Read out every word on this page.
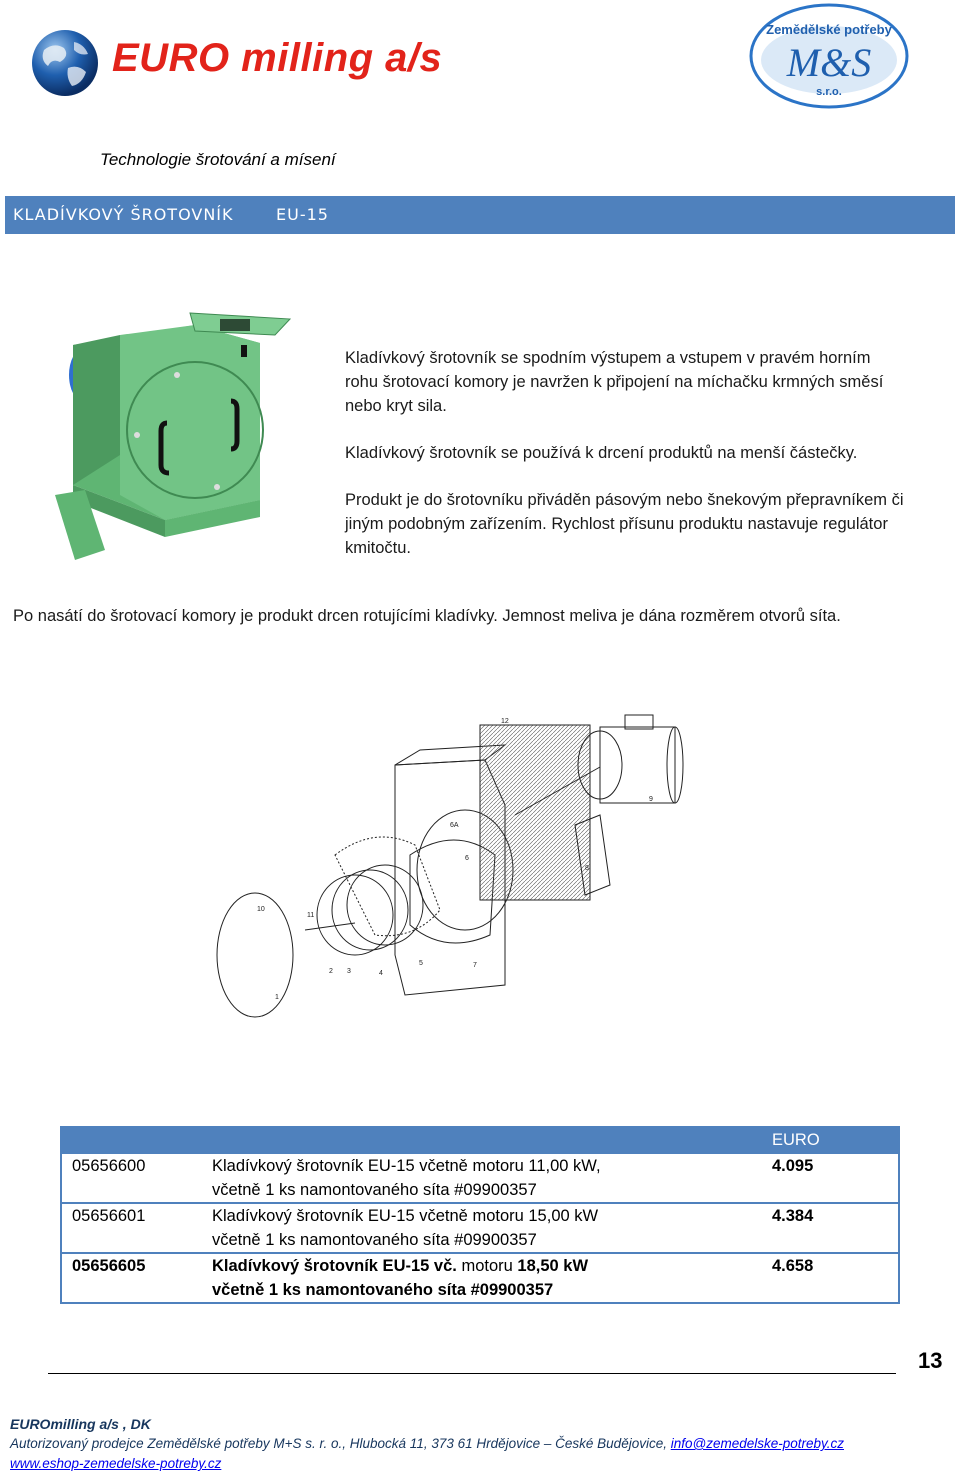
EURO milling a/s
Zemědělské potřeby
M&S
s.r.o.
Technologie šrotování a mísení
KLADÍVKOVÝ ŠROTOVNÍK	EU-15
Kladívkový šrotovník se spodním výstupem a vstupem v pravém horním
rohu šrotovací komory je navržen k připojení na míchačku krmných směsí
nebo kryt sila.
Kladívkový šrotovník se používá k drcení produktů na menší částečky.
Produkt je do šrotovníku přiváděn pásovým nebo šnekovým přepravníkem či
jiným podobným zařízením. Rychlost přísunu produktu nastavuje regulátor
kmitočtu.
Po nasátí do šrotovací komory je produkt drcen rotujícími kladívky. Jemnost meliva je dána rozměrem otvorů síta.
12
9
8
6
6A
7
5
4
3
2
11
10
1
		EURO
05656600	Kladívkový šrotovník EU-15 včetně motoru 11,00 kW,
včetně 1 ks namontovaného síta #09900357	4.095
05656601	Kladívkový šrotovník EU-15 včetně motoru 15,00 kW
včetně 1 ks namontovaného síta #09900357	4.384
05656605	Kladívkový šrotovník EU-15 vč. motoru 18,50 kW
včetně 1 ks namontovaného síta #09900357	4.658
13
EUROmilling a/s , DK
Autorizovaný prodejce Zemědělské potřeby M+S s. r. o., Hlubocká 11, 373 61 Hrdějovice – České Budějovice, info@zemedelske-potreby.cz
www.eshop-zemedelske-potreby.cz
